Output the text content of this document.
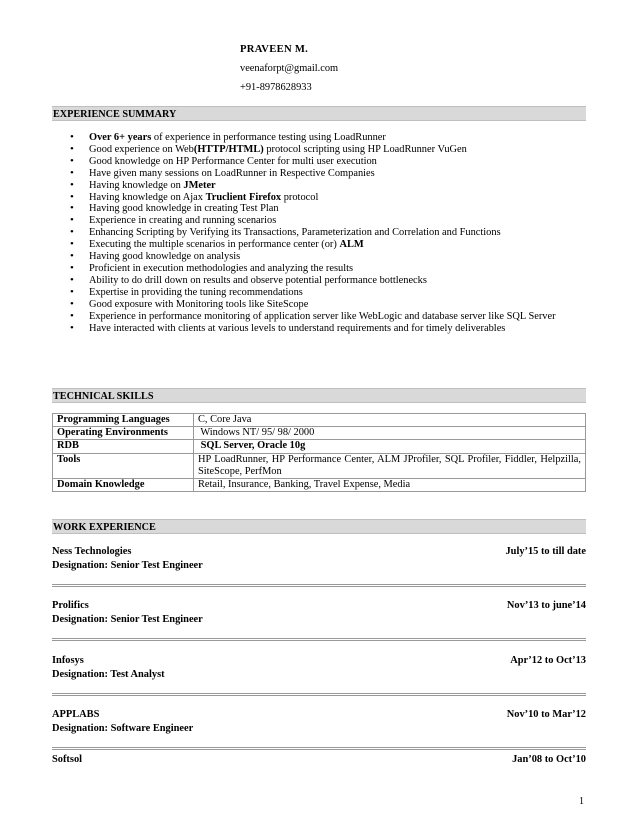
PRAVEEN M.
veenaforpt@gmail.com
+91-8978628933
EXPERIENCE SUMMARY
• Over 6+ years of experience in performance testing using LoadRunner
• Good experience on Web(HTTP/HTML) protocol scripting using HP LoadRunner VuGen
• Good knowledge on HP Performance Center for multi user execution
• Have given many sessions on LoadRunner in Respective Companies
• Having knowledge on JMeter
• Having knowledge on Ajax Truclient Firefox protocol
• Having good knowledge in creating Test Plan
• Experience in creating and running scenarios
• Enhancing Scripting by Verifying its Transactions, Parameterization and Correlation and Functions
• Executing the multiple scenarios in performance center (or) ALM
• Having good knowledge on analysis
• Proficient in execution methodologies and analyzing the results
• Ability to do drill down on results and observe potential performance bottlenecks
• Expertise in providing the tuning recommendations
• Good exposure with Monitoring tools like SiteScope
• Experience in performance monitoring of application server like WebLogic and database server like SQL Server
• Have interacted with clients at various levels to understand requirements and for timely deliverables
TECHNICAL SKILLS
Programming Languages	C, Core Java
Operating Environments	Windows NT/ 95/ 98/ 2000
RDB	SQL Server, Oracle 10g
Tools	HP LoadRunner, HP Performance Center, ALM JProfiler, SQL Profiler, Fiddler, Helpzilla, SiteScope, PerfMon
Domain Knowledge	Retail, Insurance, Banking, Travel Expense, Media
WORK EXPERIENCE
Ness Technologies	July’15 to till date
Designation: Senior Test Engineer
Prolifics	Nov’13 to june’14
Designation: Senior Test Engineer
Infosys	Apr’12 to Oct’13
Designation: Test Analyst
APPLABS	Nov’10 to Mar’12
Designation: Software Engineer
Softsol	Jan’08 to Oct’10
1
